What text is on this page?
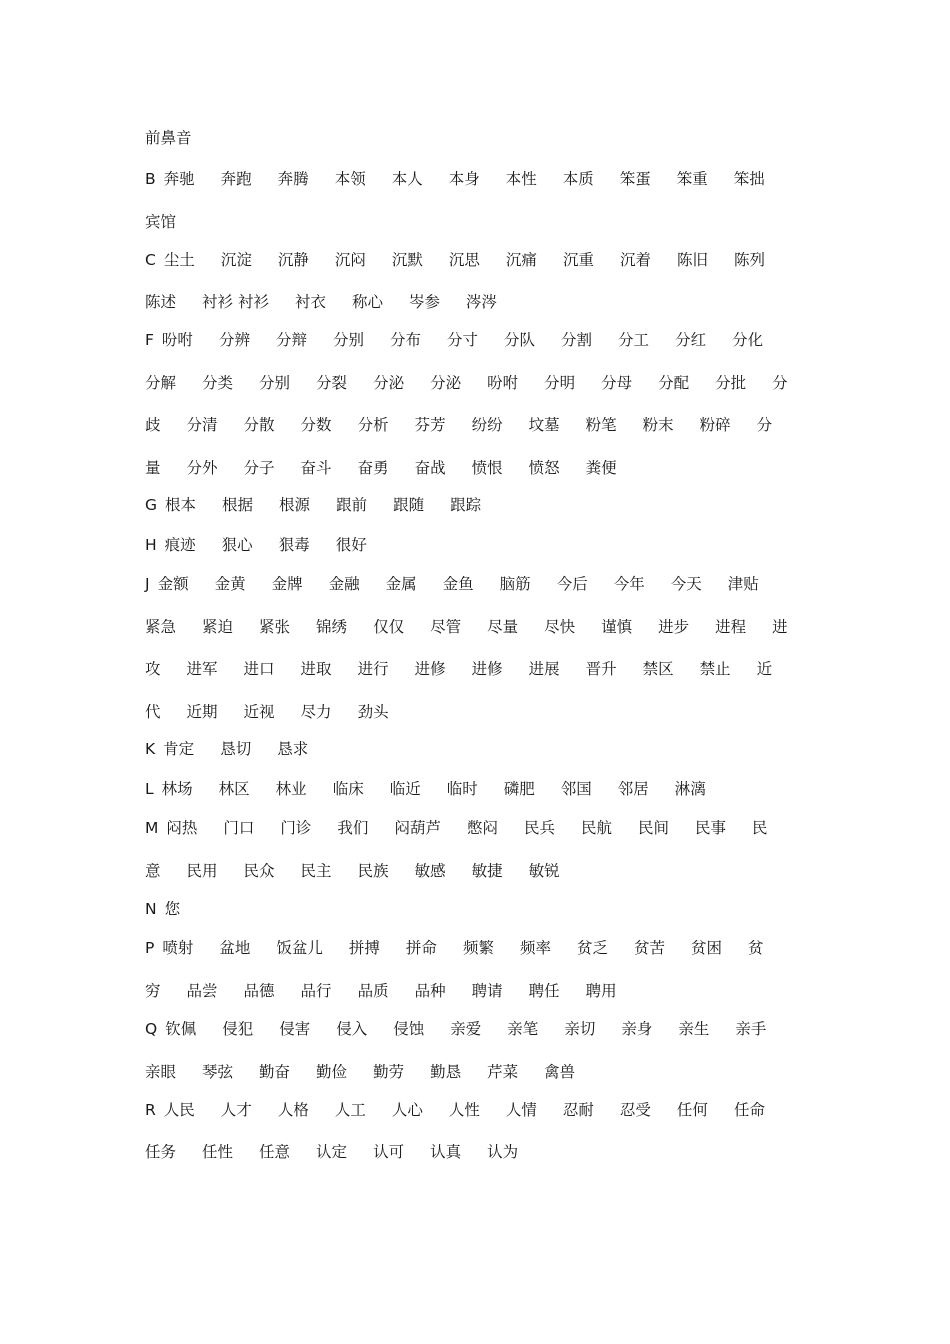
前鼻音
B 奔驰 奔跑 奔腾 本领 本人 本身 本性 本质 笨蛋 笨重 笨拙
宾馆
C 尘土 沉淀 沉静 沉闷 沉默 沉思 沉痛 沉重 沉着 陈旧 陈列
陈述 衬衫 衬衫 衬衣 称心 岑参 涔涔
F 吩咐 分辨 分辩 分别 分布 分寸 分队 分割 分工 分红 分化
分解 分类 分别 分裂 分泌 分泌 吩咐 分明 分母 分配 分批 分
歧 分清 分散 分数 分析 芬芳 纷纷 坟墓 粉笔 粉末 粉碎 分
量 分外 分子 奋斗 奋勇 奋战 愤恨 愤怒 粪便
G 根本 根据 根源 跟前 跟随 跟踪
H 痕迹 狠心 狠毒 很好
J 金额 金黄 金牌 金融 金属 金鱼 脑筋 今后 今年 今天 津贴
紧急 紧迫 紧张 锦绣 仅仅 尽管 尽量 尽快 谨慎 进步 进程 进
攻 进军 进口 进取 进行 进修 进修 进展 晋升 禁区 禁止 近
代 近期 近视 尽力 劲头
K 肯定 恳切 恳求
L 林场 林区 林业 临床 临近 临时 磷肥 邻国 邻居 淋漓
M 闷热 门口 门诊 我们 闷葫芦 憋闷 民兵 民航 民间 民事 民
意 民用 民众 民主 民族 敏感 敏捷 敏锐
N 您
P 喷射 盆地 饭盆儿 拼搏 拼命 频繁 频率 贫乏 贫苦 贫困 贫
穷 品尝 品德 品行 品质 品种 聘请 聘任 聘用
Q 钦佩 侵犯 侵害 侵入 侵蚀 亲爱 亲笔 亲切 亲身 亲生 亲手
亲眼 琴弦 勤奋 勤俭 勤劳 勤恳 芹菜 禽兽
R 人民 人才 人格 人工 人心 人性 人情 忍耐 忍受 任何 任命
任务 任性 任意 认定 认可 认真 认为
